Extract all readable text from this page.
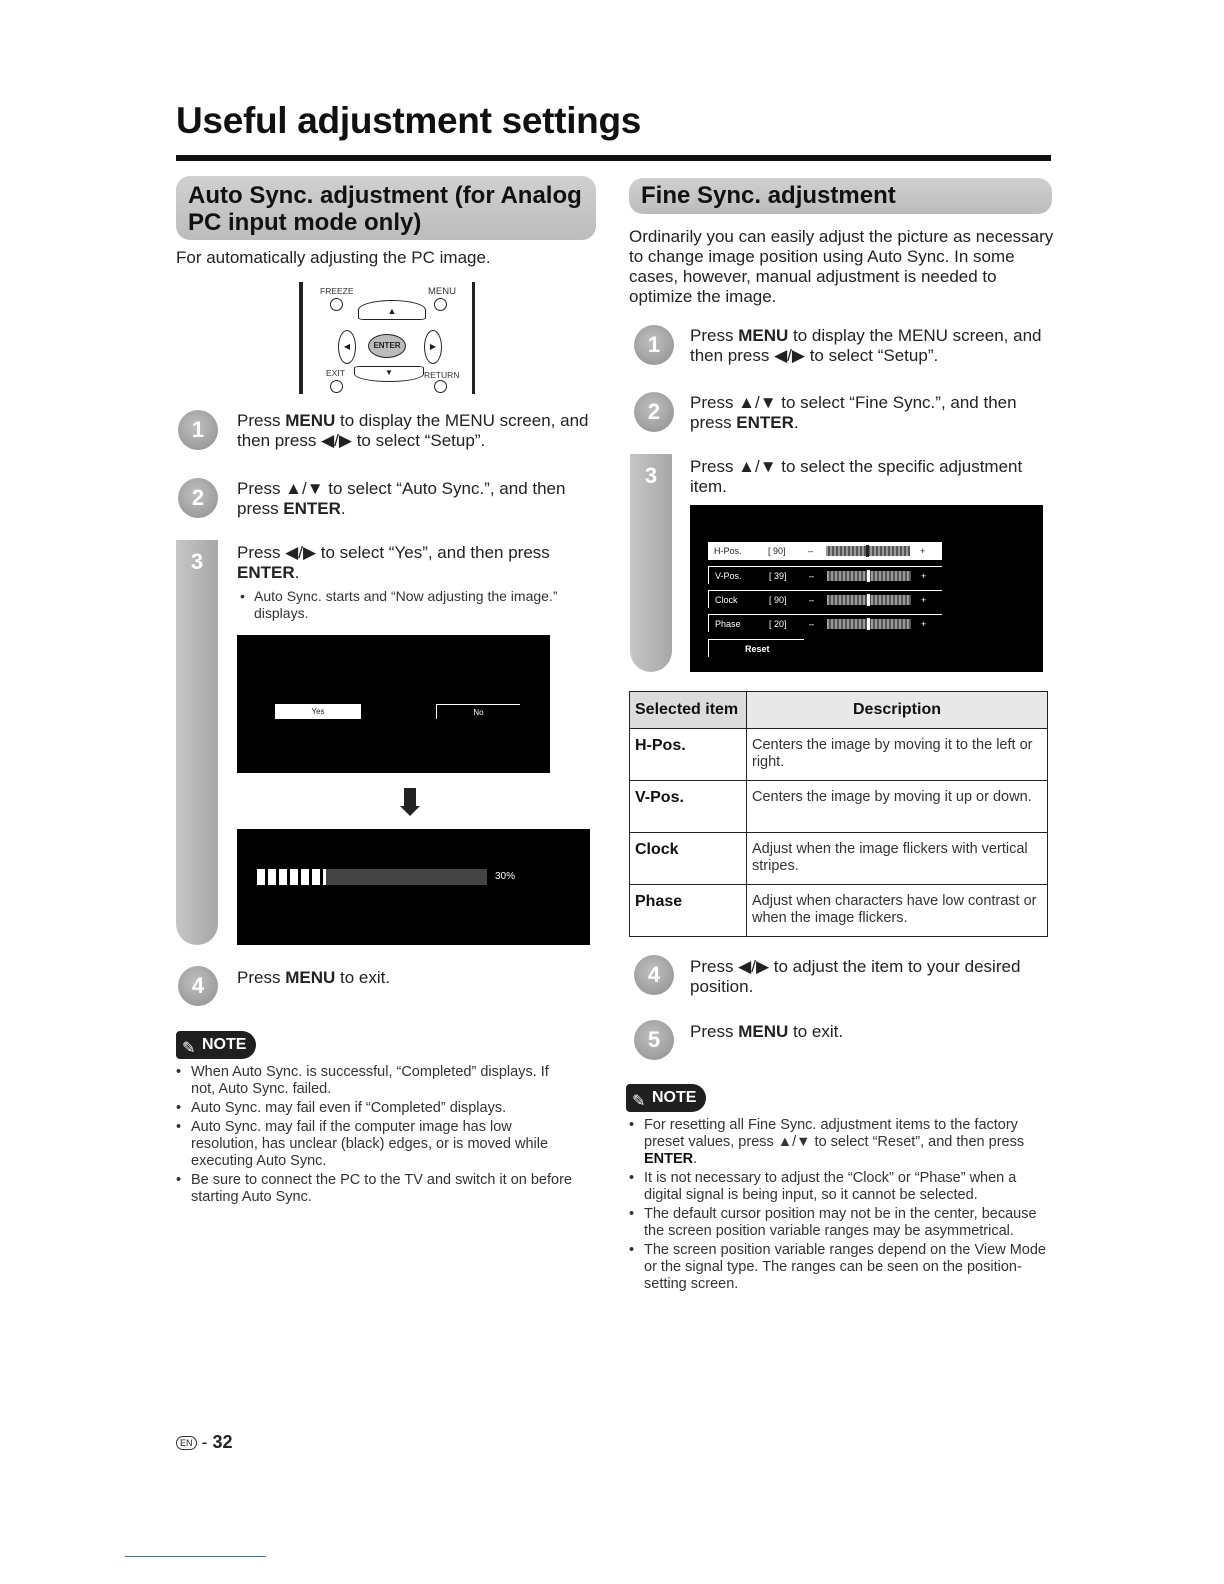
Useful adjustment settings
Auto Sync. adjustment (for Analog PC input mode only)
For automatically adjusting the PC image.
FREEZE	MENU
▲
◀	ENTER	▶
EXIT	RETURN
▼
1	Press MENU to display the MENU screen, and then press ◀/▶ to select “Setup”.
2	Press ▲/▼ to select “Auto Sync.”, and then press ENTER.
3	Press ◀/▶ to select “Yes”, and then press ENTER.
• Auto Sync. starts and “Now adjusting the image.” displays.
Yes	No
30%
4	Press MENU to exit.
✎ NOTE
• When Auto Sync. is successful, “Completed” displays. If not, Auto Sync. failed.
• Auto Sync. may fail even if “Completed” displays.
• Auto Sync. may fail if the computer image has low resolution, has unclear (black) edges, or is moved while executing Auto Sync.
• Be sure to connect the PC to the TV and switch it on before starting Auto Sync.
Fine Sync. adjustment
Ordinarily you can easily adjust the picture as necessary to change image position using Auto Sync. In some cases, however, manual adjustment is needed to optimize the image.
1	Press MENU to display the MENU screen, and then press ◀/▶ to select “Setup”.
2	Press ▲/▼ to select “Fine Sync.”, and then press ENTER.
3	Press ▲/▼ to select the specific adjustment item.
H-Pos.	[ 90] –	+
V-Pos.	[ 39] –	+
Clock	[ 90] –	+
Phase	[ 20] –	+
Reset
Selected item	Description
H-Pos.	Centers the image by moving it to the left or right.
V-Pos.	Centers the image by moving it up or down.
Clock	Adjust when the image flickers with vertical stripes.
Phase	Adjust when characters have low contrast or when the image flickers.
4	Press ◀/▶ to adjust the item to your desired position.
5	Press MENU to exit.
✎ NOTE
• For resetting all Fine Sync. adjustment items to the factory preset values, press ▲/▼ to select “Reset”, and then press ENTER.
• It is not necessary to adjust the “Clock” or “Phase” when a digital signal is being input, so it cannot be selected.
• The default cursor position may not be in the center, because the screen position variable ranges may be asymmetrical.
• The screen position variable ranges depend on the View Mode or the signal type. The ranges can be seen on the position-setting screen.
EN - 32
